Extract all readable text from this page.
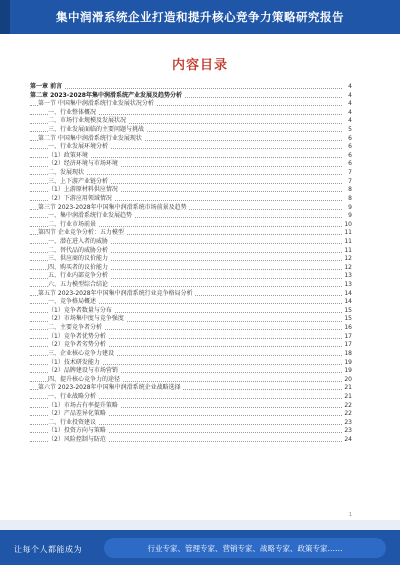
集中润滑系统企业打造和提升核心竞争力策略研究报告
内容目录
第一章 前言	4
第二章 2023-2028年集中润滑系统产业发展及趋势分析	4
第一节 中国集中润滑系统行业发展状况分析	4
一、行业整体概况	4
二、市场行业规模及发展状况	4
三、行业发展面临的主要问题与挑战	5
第二节 中国集中润滑系统行业发展现状	6
一、行业发展环境分析	6
（1）政策环境	6
（2）经济环境与市场环境	6
二、发展现状	7
三、上下游产业链分析	7
（1）上游原材料供应情况	8
（2）下游应用领域情况	8
第三节 2023-2028年中国集中润滑系统市场前景及趋势	9
一、集中润滑系统行业发展趋势	9
二、行业市场前景	10
第四节 企业竞争分析：五力模型	11
一、潜在进入者的威胁	11
二、替代品的威胁分析	11
三、供应商的议价能力	12
四、购买者的议价能力	12
五、行业内部竞争分析	13
六、五力模型综合结论	13
第五节 2023-2028年中国集中润滑系统行业竞争格局分析	14
一、竞争格局概述	14
（1）竞争者数量与分布	15
（2）市场集中度与竞争强度	15
二、主要竞争者分析	16
（1）竞争者优势分析	17
（2）竞争者劣势分析	17
三、企业核心竞争力建设	18
（1）技术研发能力	19
（2）品牌建设与市场营销	19
四、提升核心竞争力的途径	20
第六节 2023-2028年中国集中润滑系统企业战略选择	21
一、行业战略分析	21
（1）市场占有率提升策略	22
（2）产品差异化策略	22
二、行业投资建议	23
（1）投资方向与策略	23
（2）风险控制与防范	24
1
让每个人都能成为	行业专家、管理专家、营销专家、战略专家、政策专家……
